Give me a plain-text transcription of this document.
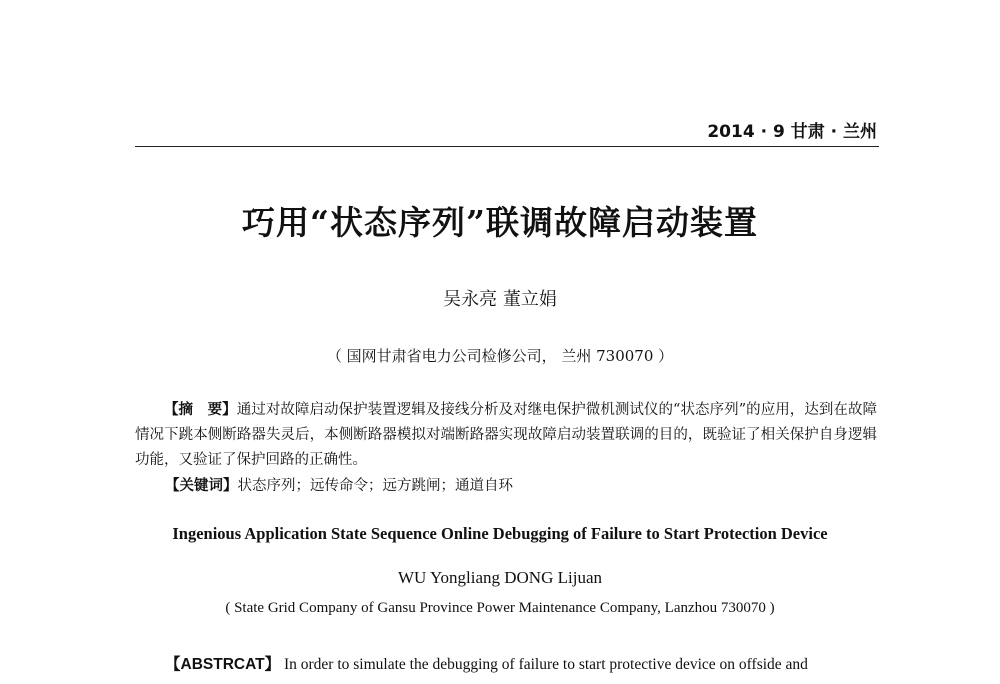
2014 · 9 甘肃 · 兰州
巧用“状态序列”联调故障启动装置
吴永亮 董立娟
（ 国网甘肃省电力公司检修公司， 兰州 730070 ）
【摘　要】通过对故障启动保护装置逻辑及接线分析及对继电保护微机测试仪的“状态序列”的应用，达到在故障情况下跳本侧断路器失灵后，本侧断路器模拟对端断路器实现故障启动装置联调的目的，既验证了相关保护自身逻辑功能，又验证了保护回路的正确性。
【关键词】状态序列；远传命令；远方跳闸；通道自环
Ingenious Application State Sequence Online Debugging of Failure to Start Protection Device
WU Yongliang DONG Lijuan
( State Grid Company of Gansu Province Power Maintenance Company, Lanzhou 730070 )
【ABSTRCAT】 In order to simulate the debugging of failure to start protective device on offside and
